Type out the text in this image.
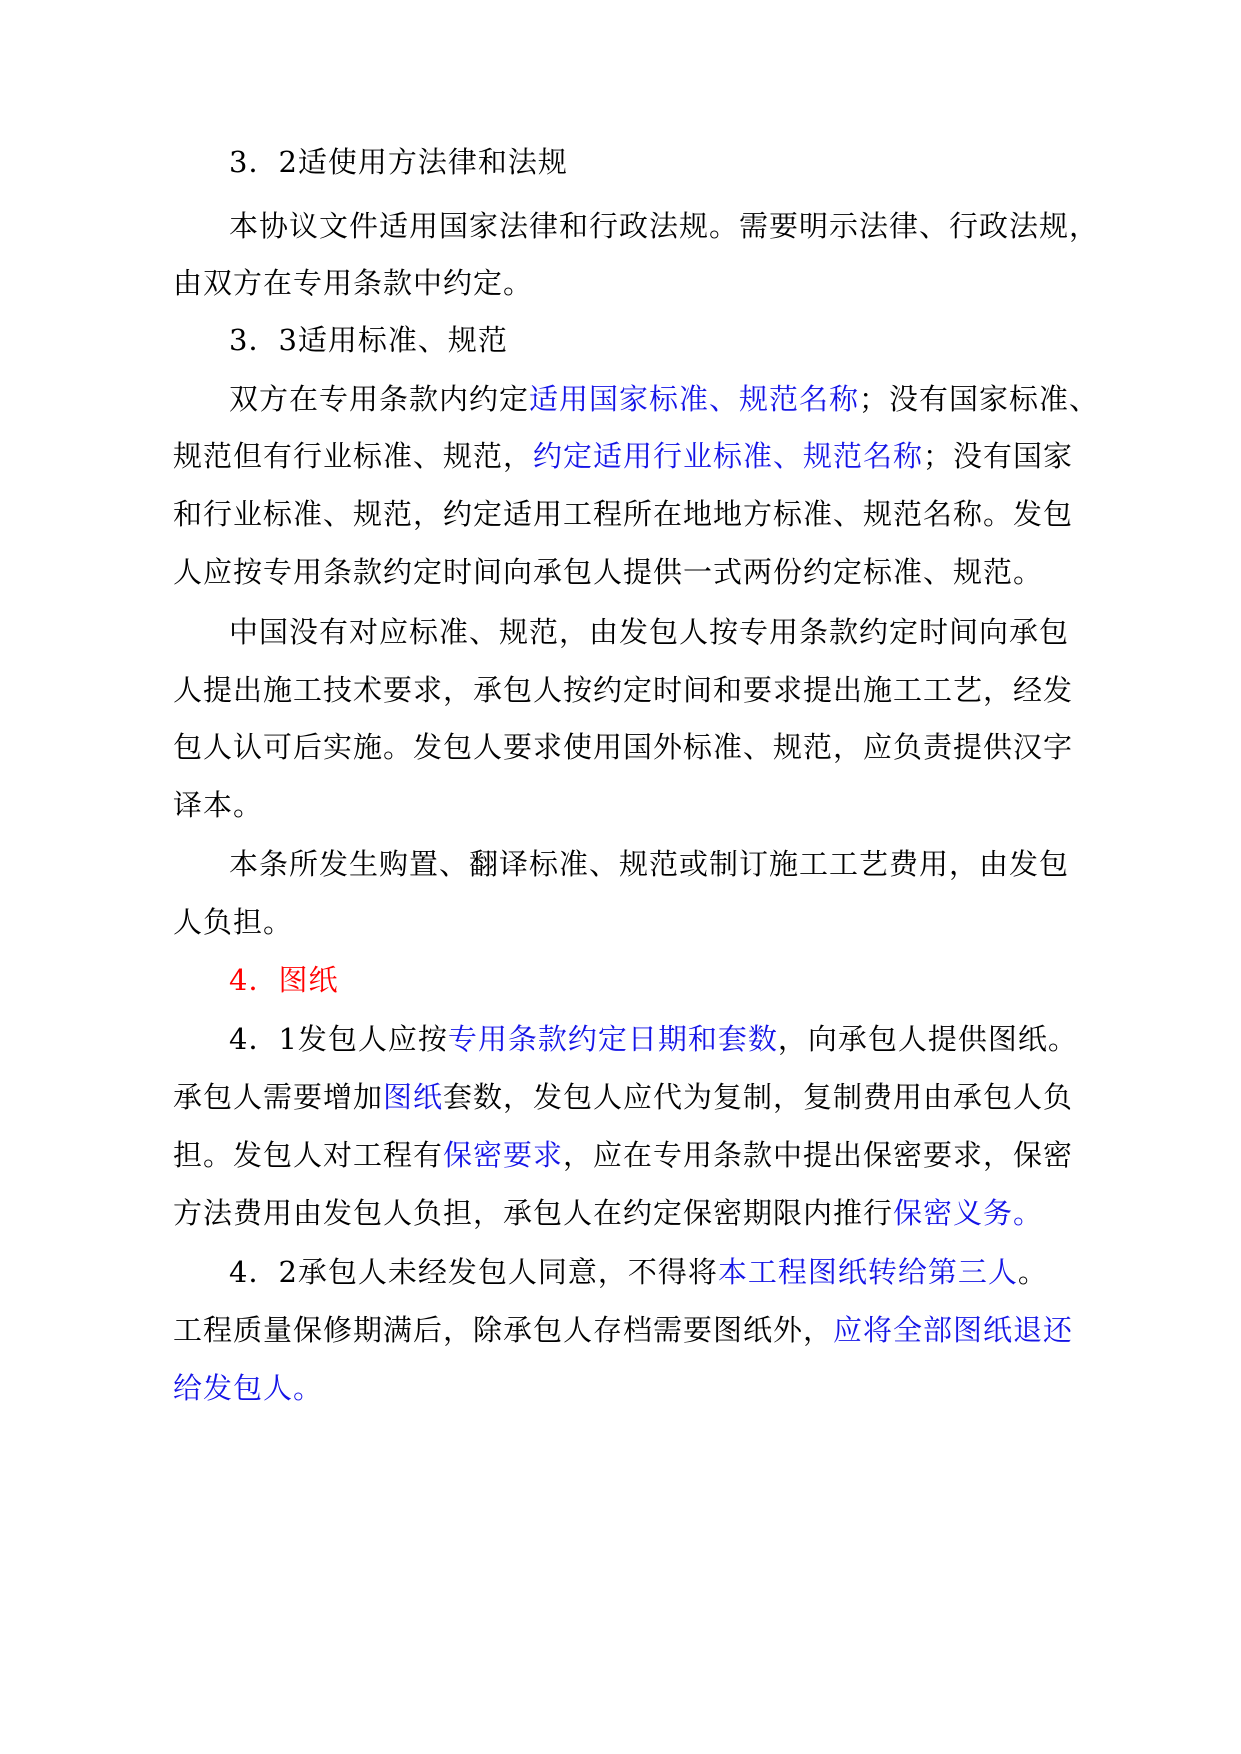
3．2适使用方法律和法规
本协议文件适用国家法律和行政法规。需要明示法律、行政法规，
由双方在专用条款中约定。
3．3适用标准、规范
双方在专用条款内约定适用国家标准、规范名称；没有国家标准、
规范但有行业标准、规范，约定适用行业标准、规范名称；没有国家
和行业标准、规范，约定适用工程所在地地方标准、规范名称。发包
人应按专用条款约定时间向承包人提供一式两份约定标准、规范。
中国没有对应标准、规范，由发包人按专用条款约定时间向承包
人提出施工技术要求，承包人按约定时间和要求提出施工工艺，经发
包人认可后实施。发包人要求使用国外标准、规范，应负责提供汉字
译本。
本条所发生购置、翻译标准、规范或制订施工工艺费用，由发包
人负担。
4．图纸
4．1发包人应按专用条款约定日期和套数，向承包人提供图纸。
承包人需要增加图纸套数，发包人应代为复制，复制费用由承包人负
担。发包人对工程有保密要求，应在专用条款中提出保密要求，保密
方法费用由发包人负担，承包人在约定保密期限内推行保密义务。
4．2承包人未经发包人同意，不得将本工程图纸转给第三人。
工程质量保修期满后，除承包人存档需要图纸外，应将全部图纸退还
给发包人。
